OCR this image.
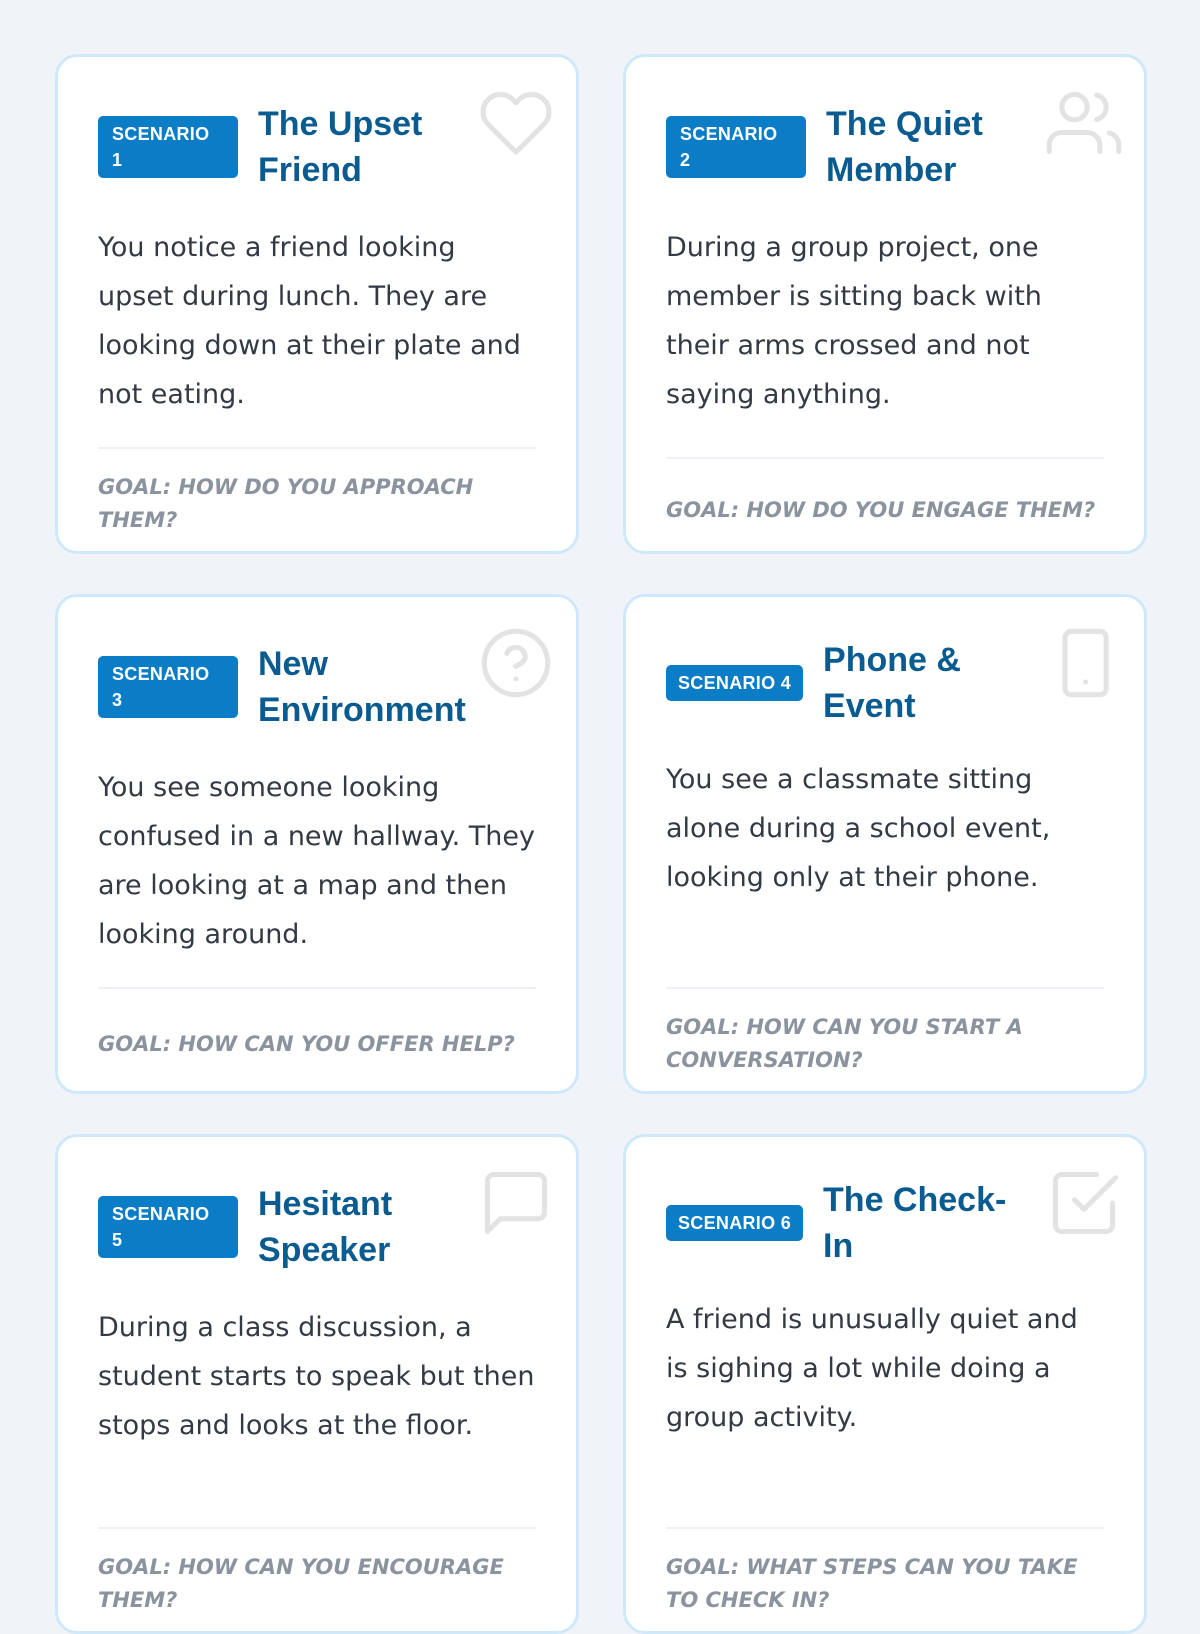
SCENARIO 1
The Upset Friend
You notice a friend looking upset during lunch. They are looking down at their plate and not eating.
GOAL: HOW DO YOU APPROACH THEM?
SCENARIO 2
The Quiet Member
During a group project, one member is sitting back with their arms crossed and not saying anything.
GOAL: HOW DO YOU ENGAGE THEM?
SCENARIO 3
New Environment
You see someone looking confused in a new hallway. They are looking at a map and then looking around.
GOAL: HOW CAN YOU OFFER HELP?
SCENARIO 4
Phone & Event
You see a classmate sitting alone during a school event, looking only at their phone.
GOAL: HOW CAN YOU START A CONVERSATION?
SCENARIO 5
Hesitant Speaker
During a class discussion, a student starts to speak but then stops and looks at the floor.
GOAL: HOW CAN YOU ENCOURAGE THEM?
SCENARIO 6
The Check-In
A friend is unusually quiet and is sighing a lot while doing a group activity.
GOAL: WHAT STEPS CAN YOU TAKE TO CHECK IN?
